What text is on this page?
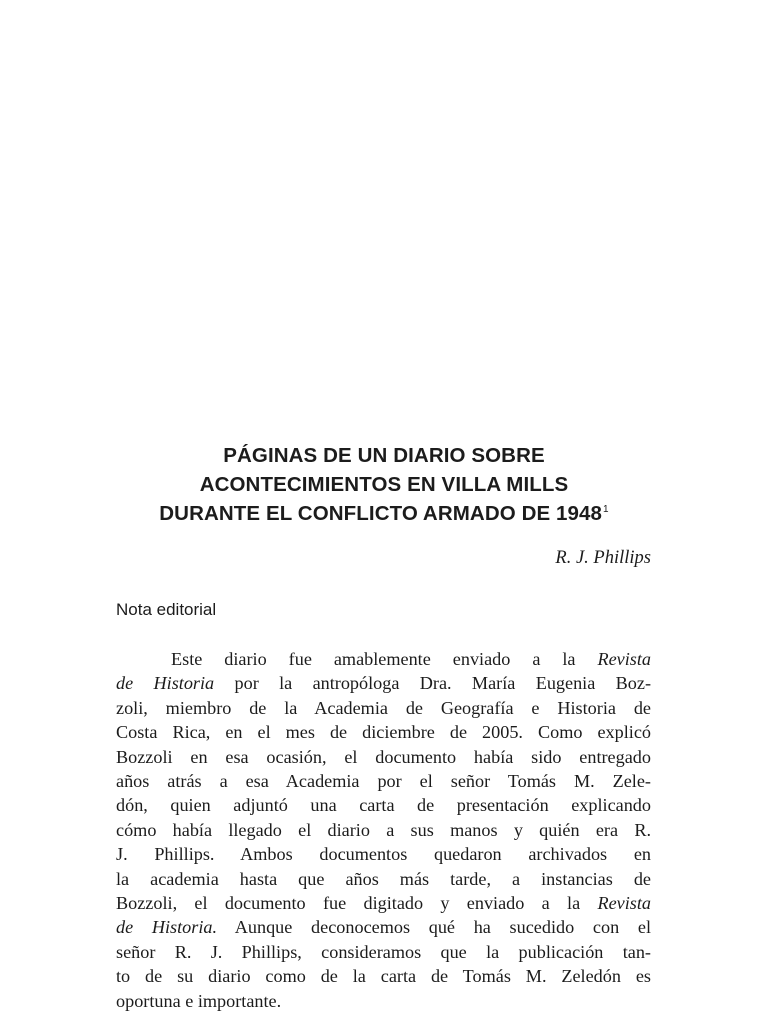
PÁGINAS DE UN DIARIO SOBRE
ACONTECIMIENTOS EN VILLA MILLS
DURANTE EL CONFLICTO ARMADO DE 1948$^1$
R. J. Phillips
Nota editorial
Este diario fue amablemente enviado a la Revista
de Historia por la antropóloga Dra. María Eugenia Boz-
zoli, miembro de la Academia de Geografía e Historia de
Costa Rica, en el mes de diciembre de 2005. Como explicó
Bozzoli en esa ocasión, el documento había sido entregado
años atrás a esa Academia por el señor Tomás M. Zele-
dón, quien adjuntó una carta de presentación explicando
cómo había llegado el diario a sus manos y quién era R.
J. Phillips. Ambos documentos quedaron archivados en
la academia hasta que años más tarde, a instancias de
Bozzoli, el documento fue digitado y enviado a la Revista
de Historia. Aunque deconocemos qué ha sucedido con el
señor R. J. Phillips, consideramos que la publicación tan-
to de su diario como de la carta de Tomás M. Zeledón es
oportuna e importante.
